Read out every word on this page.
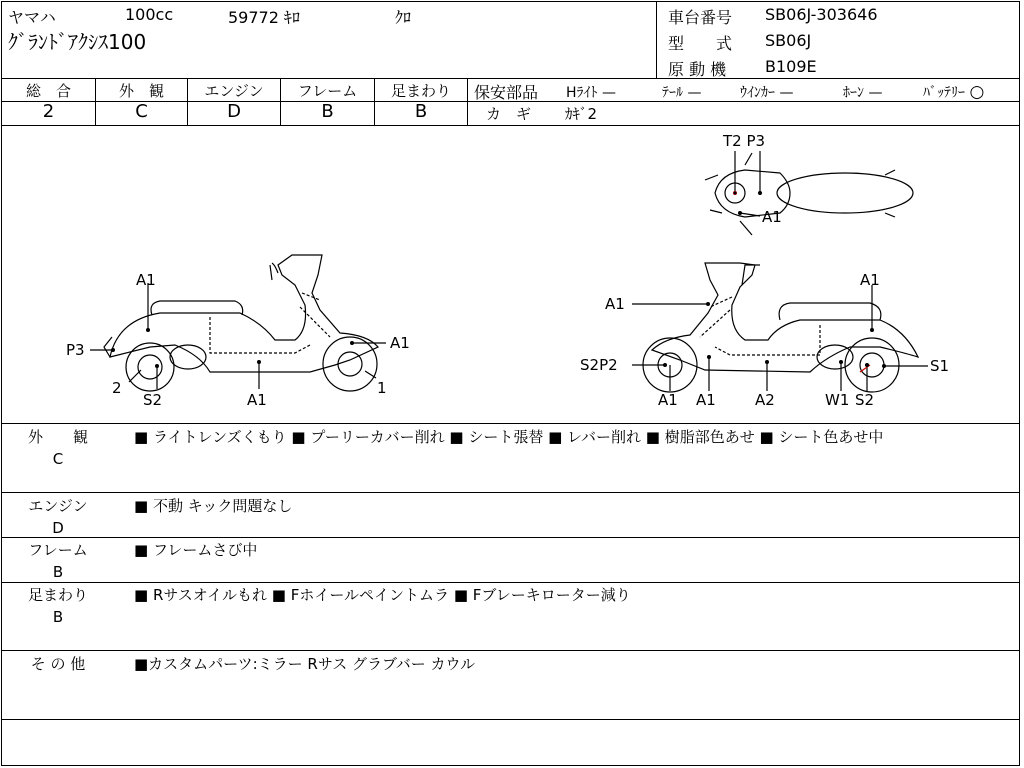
ヤマハ	100cc	59772 ｷﾛ	ｸﾛ
ｸﾞﾗﾝﾄﾞｱｸｼｽ100
車台番号 SB06J-303646
型　　式 SB06J
原 動 機 B109E
総　合	外　観	エンジン	フレーム	足まわり
2	C	D	B	B
保安部品 Hﾗｲﾄ —	ﾃｰﾙ —	ｳｲﾝｶｰ —	ﾎｰﾝ —	ﾊﾞｯﾃﾘｰ ○
カ　ギ ｶｷﾞ2
A1
P3	A1
2
S2	A1
1
T2 P3
A1
A1
A1
S2P2	S1
A1 A1	A2	W1 S2
外　　観
C
■ ライトレンズくもり ■ プーリーカバー削れ ■ シート張替 ■ レバー削れ ■ 樹脂部色あせ ■ シート色あせ中
エンジン
D
■ 不動 キック問題なし
フレーム
B
■ フレームさび中
足まわり
B
■ Rサスオイルもれ ■ Fホイールペイントムラ ■ Fブレーキローター減り
そ の 他	■カスタムパーツ:ミラー Rサス グラブバー カウル
